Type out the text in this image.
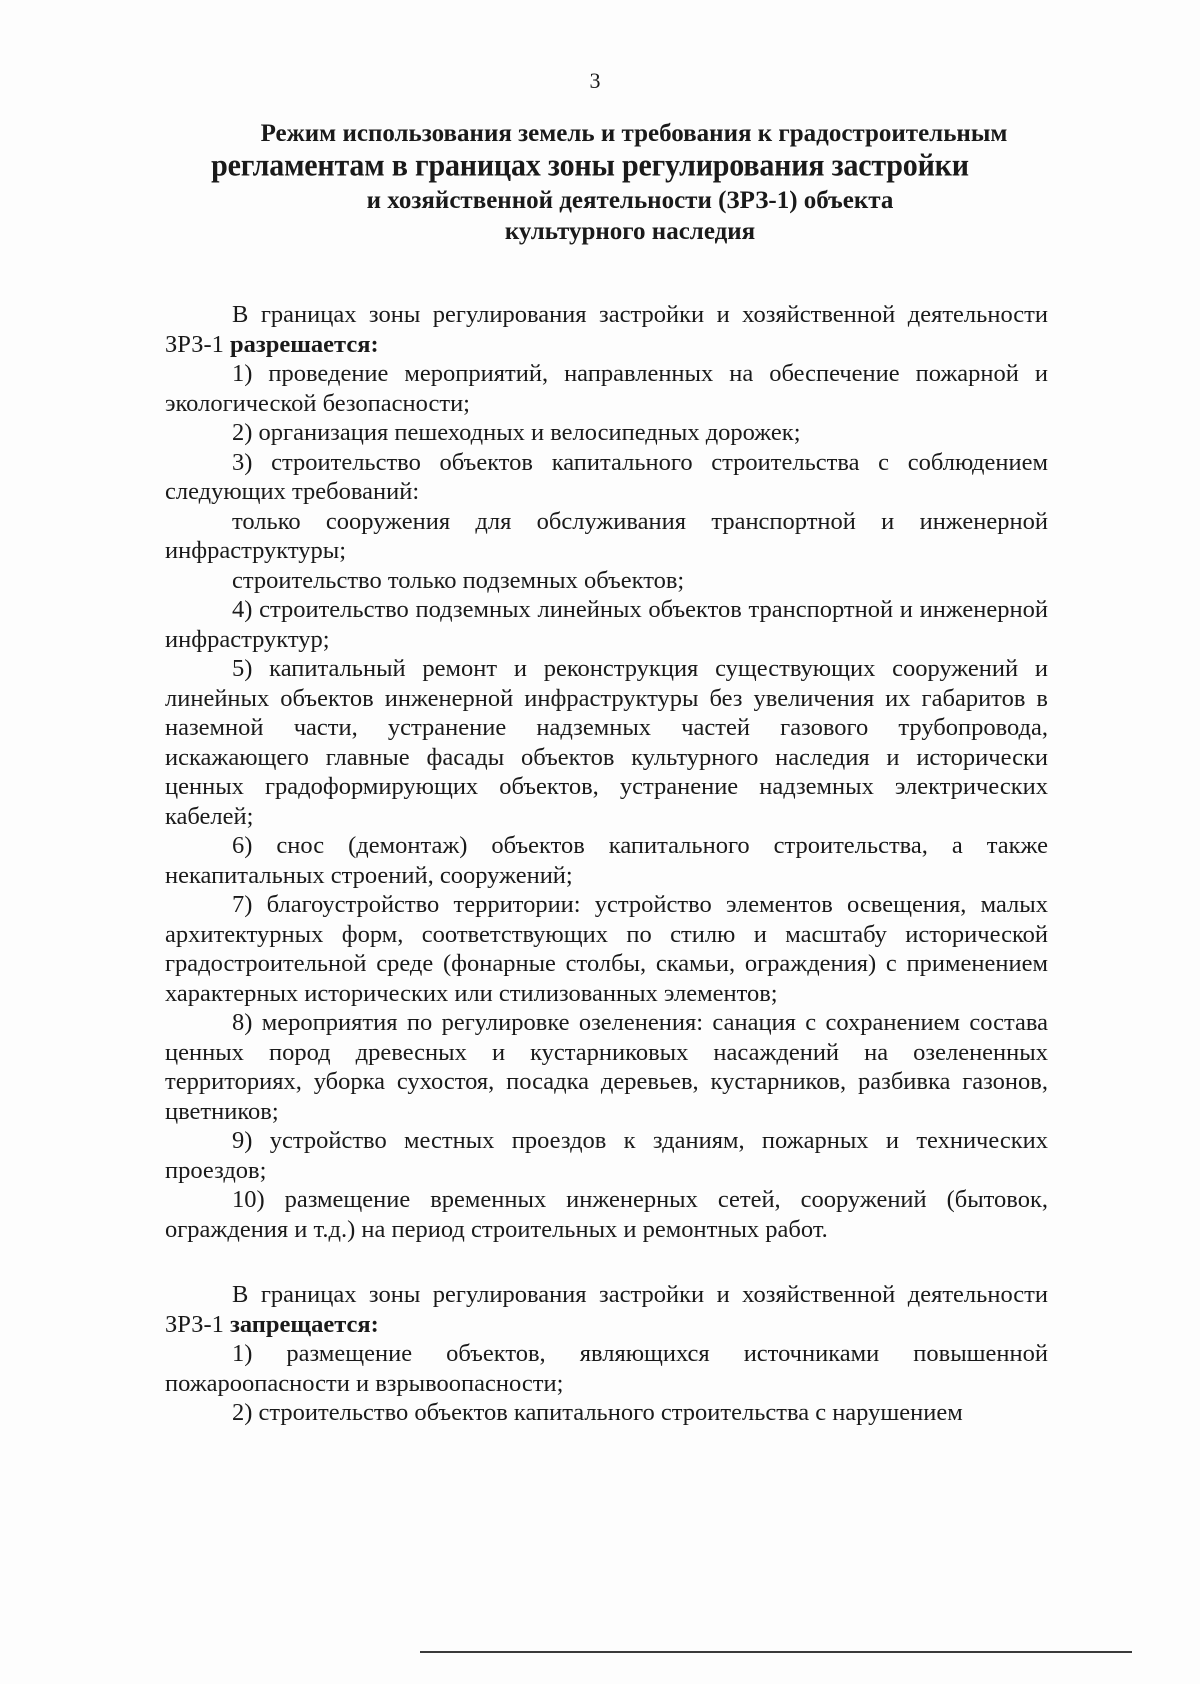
3
Режим использования земель и требования к градостроительным
регламентам в границах зоны регулирования застройки
и хозяйственной деятельности (ЗРЗ-1) объекта
культурного наследия

В границах зоны регулирования застройки и хозяйственной деятельности ЗРЗ-1 разрешается:

1) проведение мероприятий, направленных на обеспечение пожарной и экологической безопасности;

2) организация пешеходных и велосипедных дорожек;

3) строительство объектов капитального строительства с соблюдением следующих требований:

только сооружения для обслуживания транспортной и инженерной инфраструктуры;

строительство только подземных объектов;

4) строительство подземных линейных объектов транспортной и инженерной инфраструктур;

5) капитальный ремонт и реконструкция существующих сооружений и линейных объектов инженерной инфраструктуры без увеличения их габаритов в наземной части, устранение надземных частей газового трубопровода, искажающего главные фасады объектов культурного наследия и исторически ценных градоформирующих объектов, устранение надземных электрических кабелей;

6) снос (демонтаж) объектов капитального строительства, а также некапитальных строений, сооружений;

7) благоустройство территории: устройство элементов освещения, малых архитектурных форм, соответствующих по стилю и масштабу исторической градостроительной среде (фонарные столбы, скамьи, ограждения) с применением характерных исторических или стилизованных элементов;

8) мероприятия по регулировке озеленения: санация с сохранением состава ценных пород древесных и кустарниковых насаждений на озелененных территориях, уборка сухостоя, посадка деревьев, кустарников, разбивка газонов, цветников;

9) устройство местных проездов к зданиям, пожарных и технических проездов;

10) размещение временных инженерных сетей, сооружений (бытовок, ограждения и т.д.) на период строительных и ремонтных работ.

В границах зоны регулирования застройки и хозяйственной деятельности ЗРЗ-1 запрещается:

1) размещение объектов, являющихся источниками повышенной пожароопасности и взрывоопасности;

2) строительство объектов капитального строительства с нарушением
